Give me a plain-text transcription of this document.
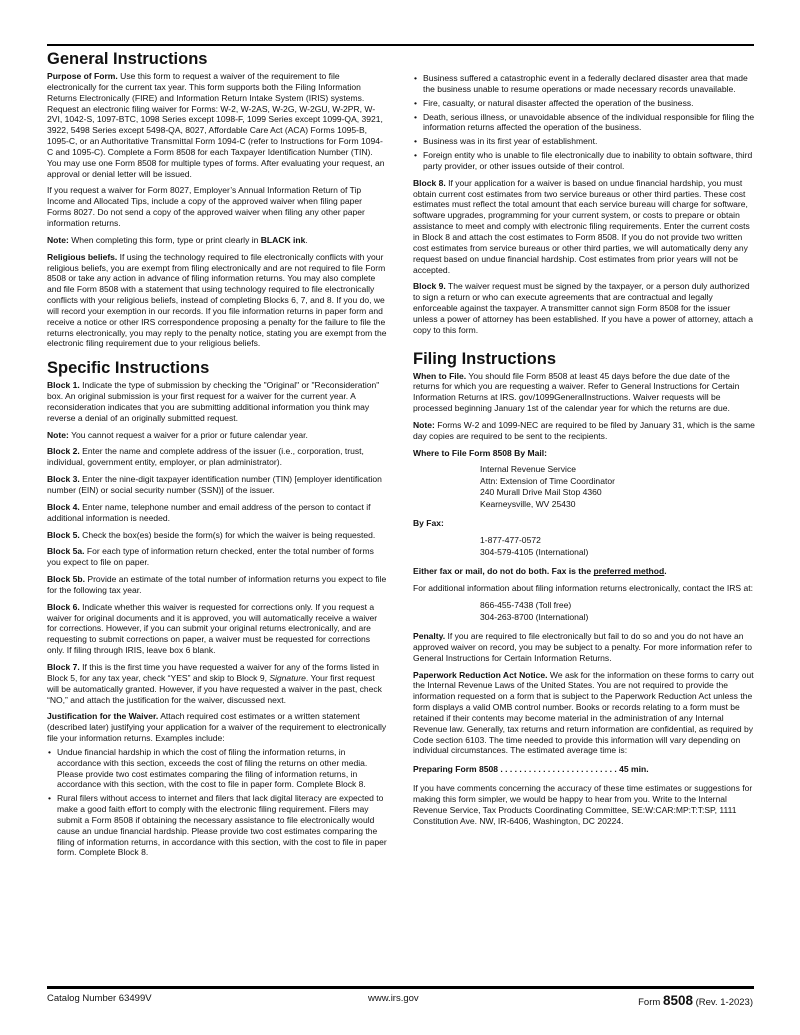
General Instructions

Purpose of Form. Use this form to request a waiver of the requirement to file electronically for the current tax year. This form supports both the Filing Information Returns Electronically (FIRE) and Information Return Intake System (IRIS) systems. Request an electronic filing waiver for Forms: W-2, W-2AS, W-2G, W-2GU, W-2PR, W-2VI, 1042-S, 1097-BTC, 1098 Series except 1098-F, 1099 Series except 1099-QA, 3921, 3922, 5498 Series except 5498-QA, 8027, Affordable Care Act (ACA) Forms 1095-B, 1095-C, or an Authoritative Transmittal Form 1094-C (refer to Instructions for Form 1094-C and 1095-C). Complete a Form 8508 for each Taxpayer Identification Number (TIN). You may use one Form 8508 for multiple types of forms. After evaluating your request, an approval or denial letter will be issued.

If you request a waiver for Form 8027, Employer’s Annual Information Return of Tip Income and Allocated Tips, include a copy of the approved waiver when filing paper Forms 8027. Do not send a copy of the approved waiver when filing any other paper information returns.

Note: When completing this form, type or print clearly in BLACK ink.

Religious beliefs. If using the technology required to file electronically conflicts with your religious beliefs, you are exempt from filing electronically and are not required to file Form 8508 or take any action in advance of filing information returns. You may also complete and file Form 8508 with a statement that using technology required to file electronically conflicts with your religious beliefs, instead of completing Blocks 6, 7, and 8. If you do, we will record your exemption in our records. If you file information returns in paper form and receive a notice or other IRS correspondence proposing a penalty for the failure to file the returns electronically, you may reply to the penalty notice, stating you are exempt from the electronic filing requirement due to your religious beliefs.

Specific Instructions

Block 1. Indicate the type of submission by checking the "Original" or "Reconsideration" box. An original submission is your first request for a waiver for the current year. A reconsideration indicates that you are submitting additional information you think may reverse a denial of an originally submitted request.

Note: You cannot request a waiver for a prior or future calendar year.

Block 2. Enter the name and complete address of the issuer (i.e., corporation, trust, individual, government entity, employer, or plan administrator).

Block 3. Enter the nine-digit taxpayer identification number (TIN) [employer identification number (EIN) or social security number (SSN)] of the issuer.

Block 4. Enter name, telephone number and email address of the person to contact if additional information is needed.

Block 5. Check the box(es) beside the form(s) for which the waiver is being requested.

Block 5a. For each type of information return checked, enter the total number of forms you expect to file on paper.

Block 5b. Provide an estimate of the total number of information returns you expect to file for the following tax year.

Block 6. Indicate whether this waiver is requested for corrections only. If you request a waiver for original documents and it is approved, you will automatically receive a waiver for corrections. However, if you can submit your original returns electronically, and are requesting to submit corrections on paper, a waiver must be requested for corrections only. If filing through IRIS, leave box 6 blank.

Block 7. If this is the first time you have requested a waiver for any of the forms listed in Block 5, for any tax year, check “YES” and skip to Block 9, Signature. Your first request will be automatically granted. However, if you have requested a waiver in the past, check “NO,” and attach the justification for the waiver, discussed next.

Justification for the Waiver. Attach required cost estimates or a written statement (described later) justifying your application for a waiver of the requirement to electronically file your information returns. Examples include:

• Undue financial hardship in which the cost of filing the information returns, in accordance with this section, exceeds the cost of filing the returns on other media. Please provide two cost estimates comparing the filing of information returns, in accordance with this section, with the cost to file in paper form. Complete Block 8.
• Rural filers without access to internet and filers that lack digital literacy are expected to make a good faith effort to comply with the electronic filing requirement. Filers may submit a Form 8508 if obtaining the necessary assistance to file electronically would cause an undue financial hardship. Please provide two cost estimates comparing the filing of information returns, in accordance with this section, with the cost to file in paper form. Complete Block 8.
• Business suffered a catastrophic event in a federally declared disaster area that made the business unable to resume operations or made necessary records unavailable.
• Fire, casualty, or natural disaster affected the operation of the business.
• Death, serious illness, or unavoidable absence of the individual responsible for filing the information returns affected the operation of the business.
• Business was in its first year of establishment.
• Foreign entity who is unable to file electronically due to inability to obtain software, third party provider, or other issues outside of their control.

Block 8. If your application for a waiver is based on undue financial hardship, you must obtain current cost estimates from two service bureaus or other third parties. These cost estimates must reflect the total amount that each service bureau will charge for software, software upgrades, programming for your current system, or costs to prepare or obtain assistance to meet and comply with electronic filing requirements. Enter the current costs in Block 8 and attach the cost estimates to Form 8508. If you do not provide two written cost estimates from service bureaus or other third parties, we will automatically deny any request based on undue financial hardship. Cost estimates from prior years will not be accepted.

Block 9. The waiver request must be signed by the taxpayer, or a person duly authorized to sign a return or who can execute agreements that are contractual and legally enforceable against the taxpayer. A transmitter cannot sign Form 8508 for the issuer unless a power of attorney has been established. If you have a power of attorney, attach a copy to this form.

Filing Instructions

When to File. You should file Form 8508 at least 45 days before the due date of the returns for which you are requesting a waiver. Refer to General Instructions for Certain Information Returns at IRS. gov/1099GeneralInstructions. Waiver requests will be processed beginning January 1st of the calendar year for which the returns are due.

Note: Forms W-2 and 1099-NEC are required to be filed by January 31, which is the same day copies are required to be sent to the recipients.

Where to File Form 8508 By Mail:

Internal Revenue Service
Attn: Extension of Time Coordinator
240 Murall Drive Mail Stop 4360
Kearneysville, WV 25430

By Fax:

1-877-477-0572
304-579-4105 (International)

Either fax or mail, do not do both. Fax is the preferred method.

For additional information about filing information returns electronically, contact the IRS at:

866-455-7438 (Toll free)
304-263-8700 (International)

Penalty. If you are required to file electronically but fail to do so and you do not have an approved waiver on record, you may be subject to a penalty. For more information refer to General Instructions for Certain Information Returns.

Paperwork Reduction Act Notice. We ask for the information on these forms to carry out the Internal Revenue Laws of the United States. You are not required to provide the information requested on a form that is subject to the Paperwork Reduction Act unless the form displays a valid OMB control number. Books or records relating to a form must be retained if their contents may become material in the administration of any Internal Revenue law. Generally, tax returns and return information are confidential, as required by Code section 6103. The time needed to provide this information will vary depending on individual circumstances. The estimated average time is:

Preparing Form 8508 . . . . . . . . . . . . . . . . . . . . . . . . . 45 min.

If you have comments concerning the accuracy of these time estimates or suggestions for making this form simpler, we would be happy to hear from you. Write to the Internal Revenue Service, Tax Products Coordinating Committee, SE:W:CAR:MP:T:T:SP, 1111 Constitution Ave. NW, IR-6406, Washington, DC 20224.

Catalog Number 63499V	www.irs.gov	Form 8508 (Rev. 1-2023)
